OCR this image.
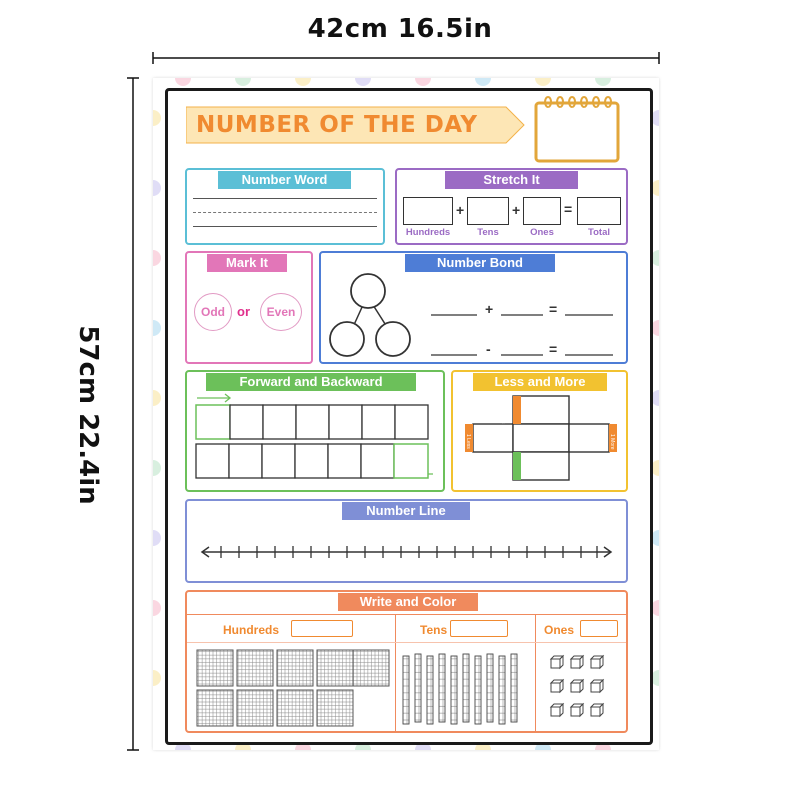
42cm 16.5in
57cm 22.4in
NUMBER OF THE DAY
Number Word	Stretch It
+	+	=
Hundreds	Tens	Ones	Total
Mark It
Odd or	Even
Number Bond
+	=
-	=
Forward and Backward	Less and More
10 Less
10 More
1 Less	1 More
Number Line
Write and Color
Hundreds	Tens	Ones
